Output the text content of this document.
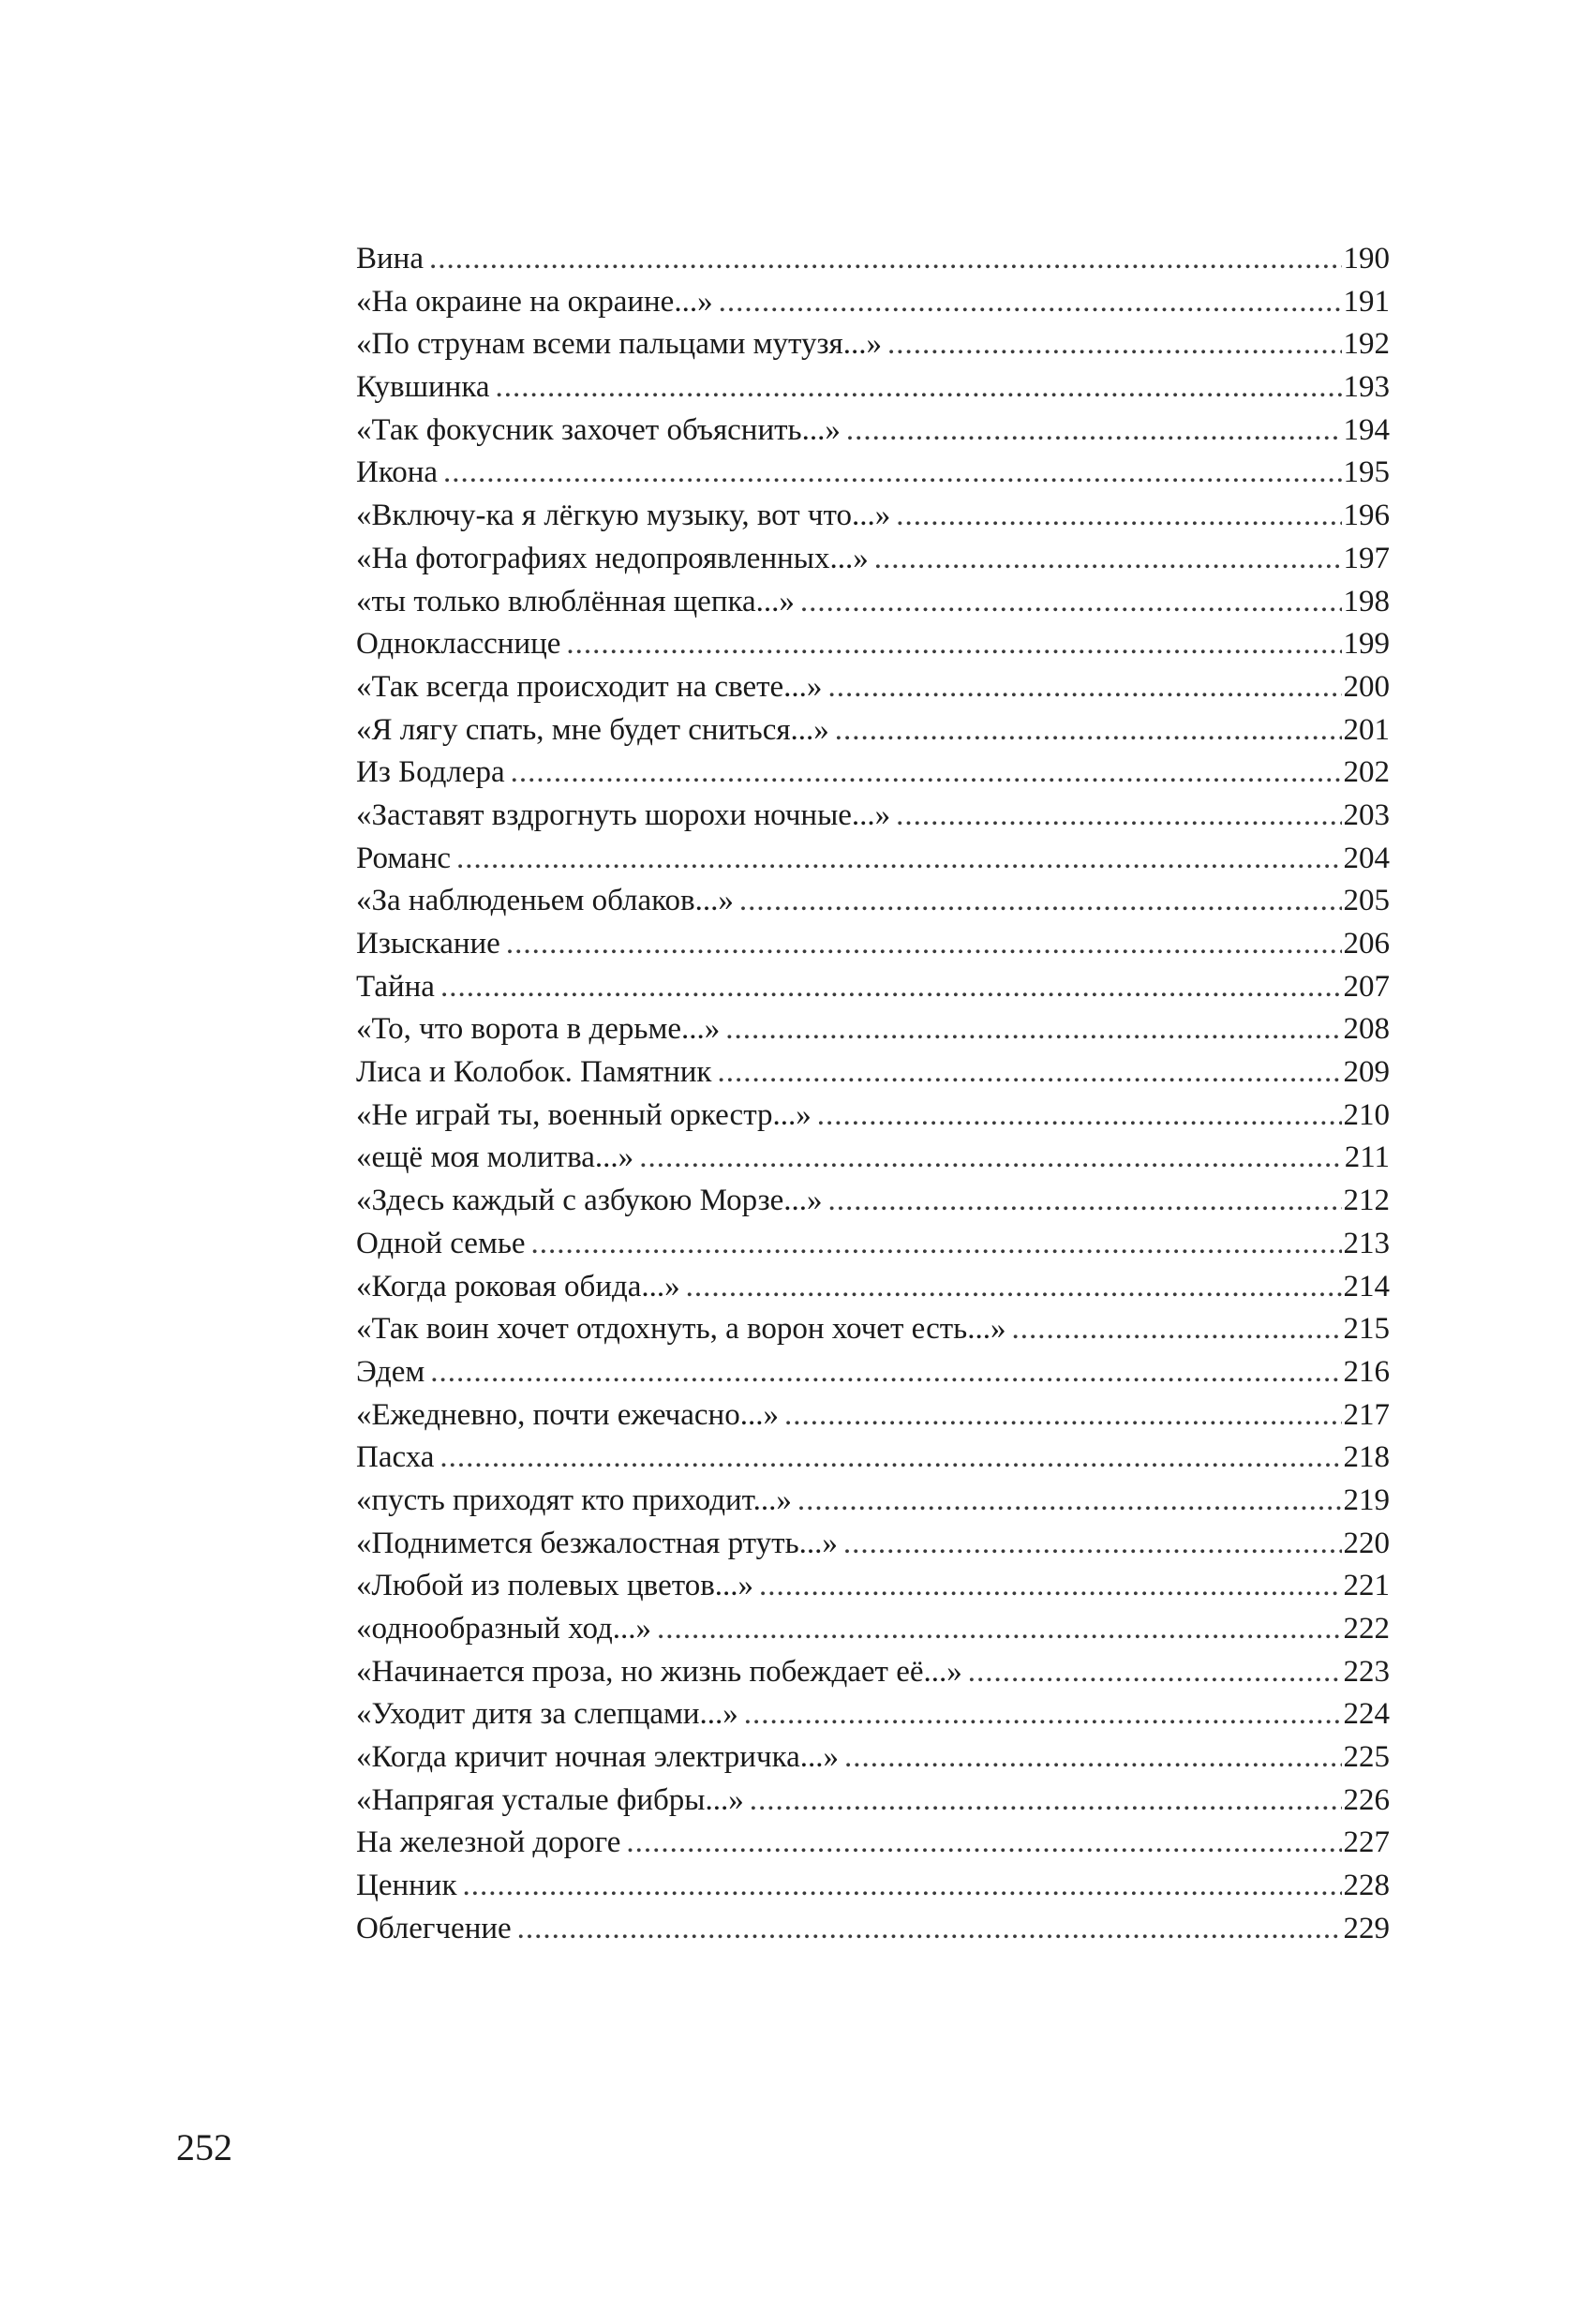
Вина .....	190
«На окраине на окраине...» .....	191
«По струнам всеми пальцами мутузя...» .....	192
Кувшинка .....	193
«Так фокусник захочет объяснить...» .....	194
Икона .....	195
«Включу-ка я лёгкую музыку, вот что...» .....	196
«На фотографиях недопроявленных...» .....	197
«ты только влюблённая щепка...» .....	198
Однокласснице .....	199
«Так всегда происходит на свете...» .....	200
«Я лягу спать, мне будет сниться...» .....	201
Из Бодлера .....	202
«Заставят вздрогнуть шорохи ночные...» .....	203
Романс .....	204
«За наблюденьем облаков...» .....	205
Изыскание .....	206
Тайна .....	207
«То, что ворота в дерьме...» .....	208
Лиса и Колобок. Памятник .....	209
«Не играй ты, военный оркестр...» .....	210
«ещё моя молитва...» .....	211
«Здесь каждый с азбукою Морзе...» .....	212
Одной семье .....	213
«Когда роковая обида...» .....	214
«Так воин хочет отдохнуть, а ворон хочет есть...» .....	215
Эдем .....	216
«Ежедневно, почти ежечасно...» .....	217
Пасха .....	218
«пусть приходят кто приходит...» .....	219
«Поднимется безжалостная ртуть...» .....	220
«Любой из полевых цветов...» .....	221
«однообразный ход...» .....	222
«Начинается проза, но жизнь побеждает её...» .....	223
«Уходит дитя за слепцами...» .....	224
«Когда кричит ночная электричка...» .....	225
«Напрягая усталые фибры...» .....	226
На железной дороге .....	227
Ценник .....	228
Облегчение .....	229
252
